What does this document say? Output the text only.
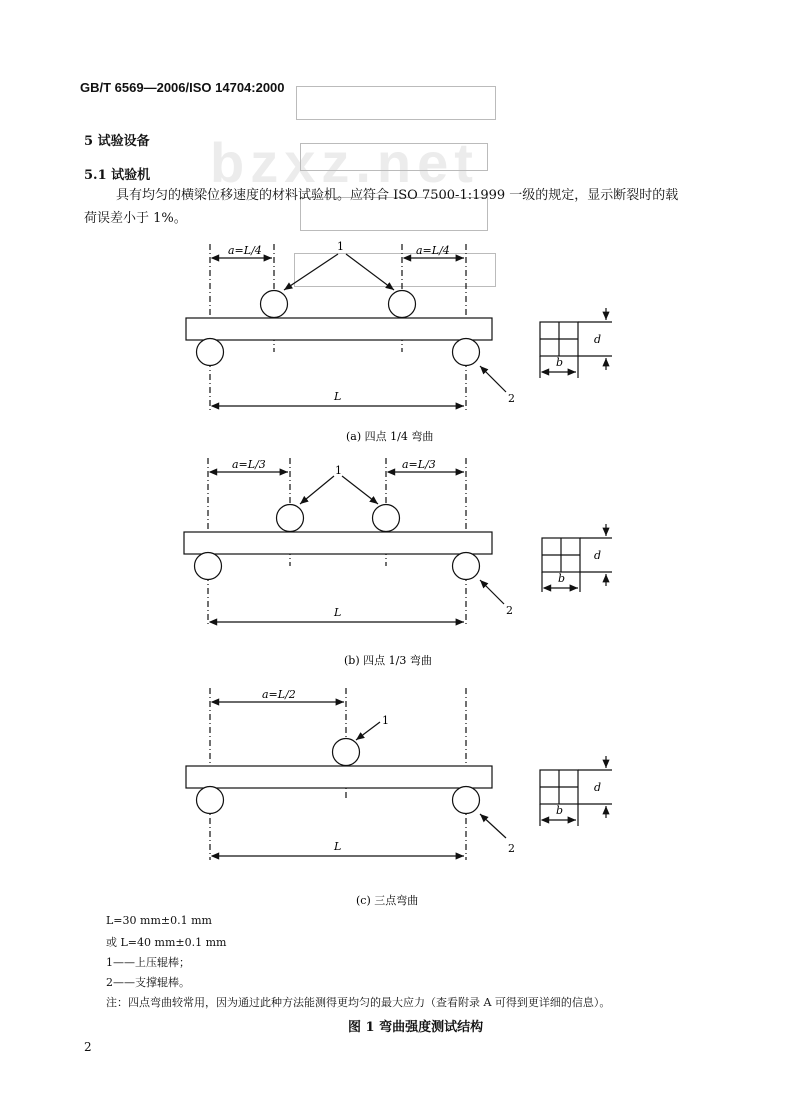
bzxz.net
GB/T 6569—2006/ISO 14704:2000
5 试验设备
5.1 试验机
具有均匀的横梁位移速度的材料试验机。应符合 ISO 7500-1:1999 一级的规定，显示断裂时的载
荷误差小于 1%。
a=L/4	a=L/4
1
2
L
d
b
(a) 四点 1/4 弯曲
a=L/3	a=L/3
1
2
L
d
b
(b) 四点 1/3 弯曲
a=L/2
1
2
L
d
b
(c) 三点弯曲
L=30 mm±0.1 mm
或 L=40 mm±0.1 mm
1——上压辊棒；
2——支撑辊棒。
注：四点弯曲较常用，因为通过此种方法能测得更均匀的最大应力（查看附录 A 可得到更详细的信息）。
图 1 弯曲强度测试结构
2
